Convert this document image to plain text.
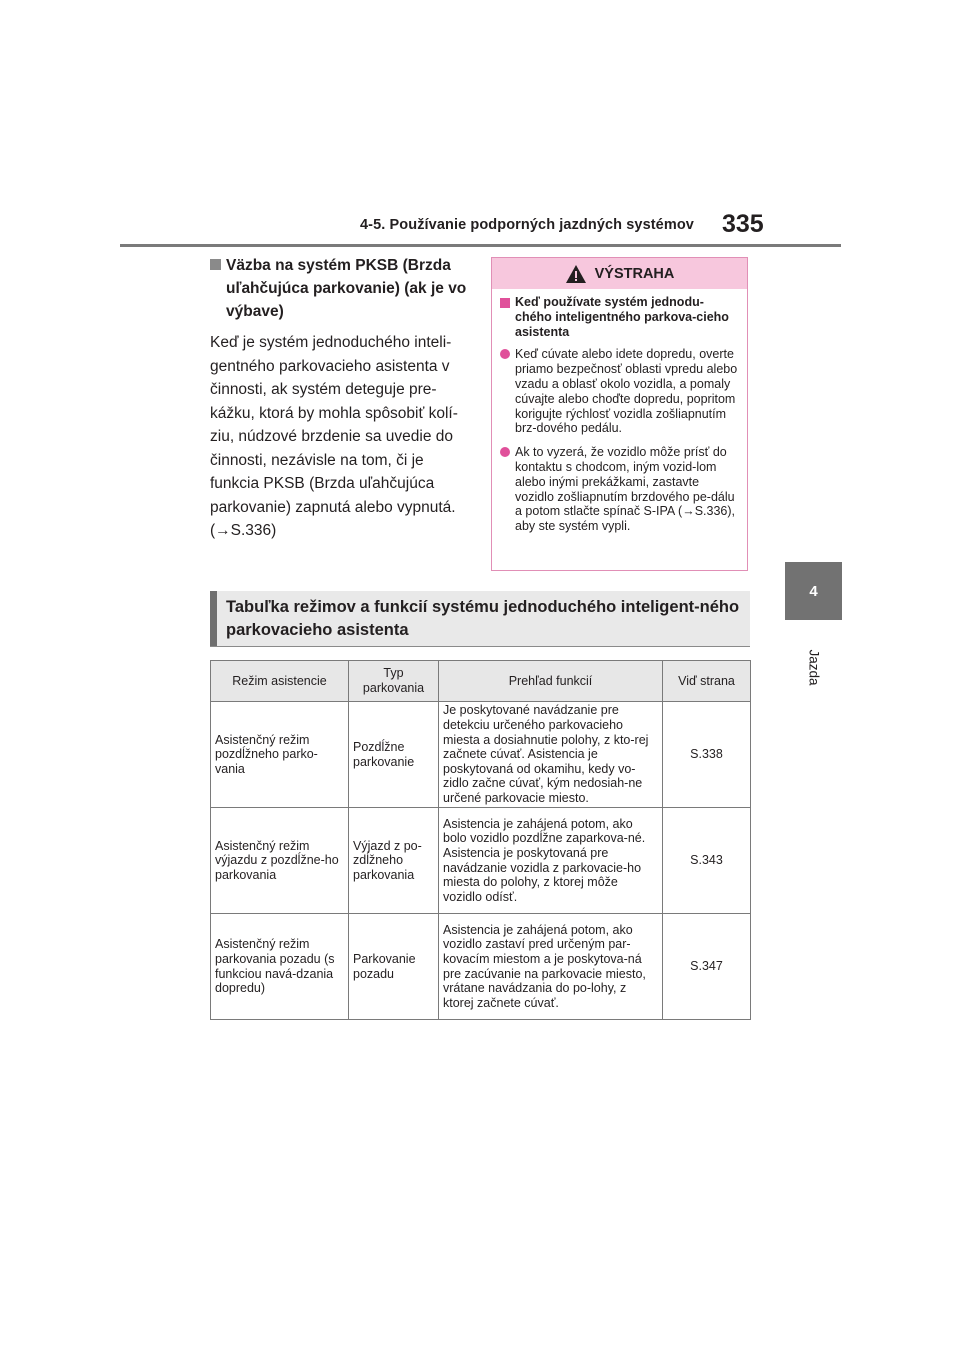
4-5. Používanie podporných jazdných systémov 335
4
Jazda
Väzba na systém PKSB (Brzda uľahčujúca parkovanie) (ak je vo výbave)
Keď je systém jednoduchého inteli-gentného parkovacieho asistenta v činnosti, ak systém deteguje pre-kážku, ktorá by mohla spôsobiť kolí-ziu, núdzové brzdenie sa uvedie do činnosti, nezávisle na tom, či je funkcia PKSB (Brzda uľahčujúca parkovanie) zapnutá alebo vypnutá. (→S.336)
VÝSTRAHA
Keď používate systém jednodu-chého inteligentného parkova-cieho asistenta
Keď cúvate alebo idete dopredu, overte priamo bezpečnosť oblasti vpredu alebo vzadu a oblasť okolo vozidla, a pomaly cúvajte alebo choďte dopredu, popritom korigujte rýchlosť vozidla zošliapnutím brz-dového pedálu.
Ak to vyzerá, že vozidlo môže prísť do kontaktu s chodcom, iným vozid-lom alebo inými prekážkami, zastavte vozidlo zošliapnutím brzdového pe-dálu a potom stlačte spínač S-IPA (→S.336), aby ste systém vypli.
Tabuľka režimov a funkcií systému jednoduchého inteligent-ného parkovacieho asistenta
Režim asistencie	Typ parkovania	Prehľad funkcií	Viď strana
Asistenčný režim pozdĺžneho parko-vania	Pozdĺžne parkovanie	Je poskytované navádzanie pre detekciu určeného parkovacieho miesta a dosiahnutie polohy, z kto-rej začnete cúvať. Asistencia je poskytovaná od okamihu, kedy vo-zidlo začne cúvať, kým nedosiah-ne určené parkovacie miesto.	S.338
Asistenčný režim výjazdu z pozdĺžne-ho parkovania	Výjazd z po-zdĺžneho parkovania	Asistencia je zahájená potom, ako bolo vozidlo pozdĺžne zaparkova-né. Asistencia je poskytovaná pre navádzanie vozidla z parkovacie-ho miesta do polohy, z ktorej môže vozidlo odísť.	S.343
Asistenčný režim parkovania pozadu (s funkciou navá-dzania dopredu)	Parkovanie pozadu	Asistencia je zahájená potom, ako vozidlo zastaví pred určeným par-kovacím miestom a je poskytova-ná pre zacúvanie na parkovacie miesto, vrátane navádzania do po-lohy, z ktorej začnete cúvať.	S.347
